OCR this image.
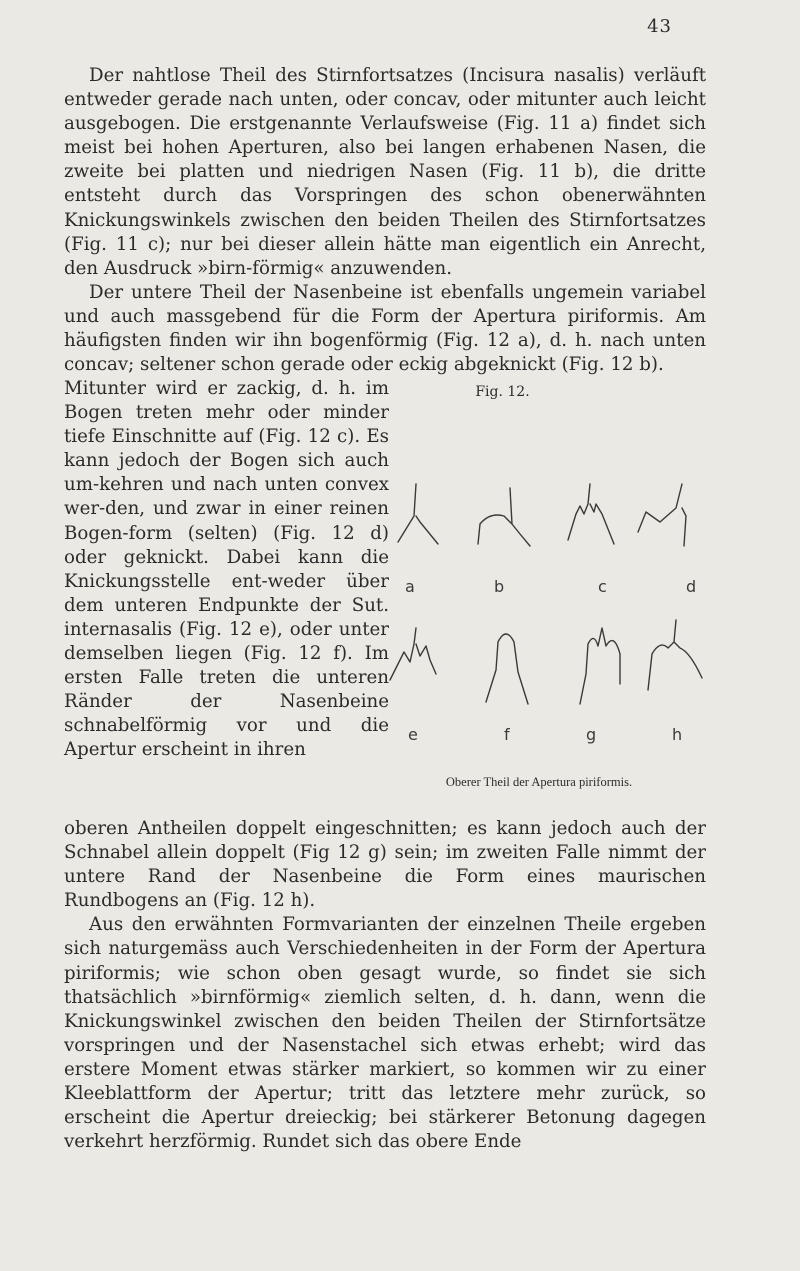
43

Der nahtlose Theil des Stirnfortsatzes (Incisura nasalis) verläuft entweder gerade nach unten, oder concav, oder mitunter auch leicht ausgebogen. Die erstgenannte Verlaufsweise (Fig. 11 a) findet sich meist bei hohen Aperturen, also bei langen erhabenen Nasen, die zweite bei platten und niedrigen Nasen (Fig. 11 b), die dritte entsteht durch das Vorspringen des schon obenerwähnten Knickungswinkels zwischen den beiden Theilen des Stirnfortsatzes (Fig. 11 c); nur bei dieser allein hätte man eigentlich ein Anrecht, den Ausdruck »birn-förmig« anzuwenden.

Der untere Theil der Nasenbeine ist ebenfalls ungemein variabel und auch massgebend für die Form der Apertura piriformis. Am häufigsten finden wir ihn bogenförmig (Fig. 12 a), d. h. nach unten concav; seltener schon gerade oder eckig abgeknickt (Fig. 12 b).

Mitunter wird er zackig, d. h. im Bogen treten mehr oder minder tiefe Einschnitte auf (Fig. 12 c). Es kann jedoch der Bogen sich auch um-kehren und nach unten convex wer-den, und zwar in einer reinen Bogen-form (selten) (Fig. 12 d) oder geknickt. Dabei kann die Knickungsstelle ent-weder über dem unteren Endpunkte der Sut. internasalis (Fig. 12 e), oder unter demselben liegen (Fig. 12 f). Im ersten Falle treten die unteren Ränder der Nasenbeine schnabelförmig vor und die Apertur erscheint in ihren

Fig. 12.
a	b	c	d
e	f	g	h
Oberer Theil der Apertura piriformis.

oberen Antheilen doppelt eingeschnitten; es kann jedoch auch der Schnabel allein doppelt (Fig 12 g) sein; im zweiten Falle nimmt der untere Rand der Nasenbeine die Form eines maurischen Rundbogens an (Fig. 12 h).

Aus den erwähnten Formvarianten der einzelnen Theile ergeben sich naturgemäss auch Verschiedenheiten in der Form der Apertura piriformis; wie schon oben gesagt wurde, so findet sie sich thatsächlich »birnförmig« ziemlich selten, d. h. dann, wenn die Knickungswinkel zwischen den beiden Theilen der Stirnfortsätze vorspringen und der Nasenstachel sich etwas erhebt; wird das erstere Moment etwas stärker markiert, so kommen wir zu einer Kleeblattform der Apertur; tritt das letztere mehr zurück, so erscheint die Apertur dreieckig; bei stärkerer Betonung dagegen verkehrt herzförmig. Rundet sich das obere Ende
